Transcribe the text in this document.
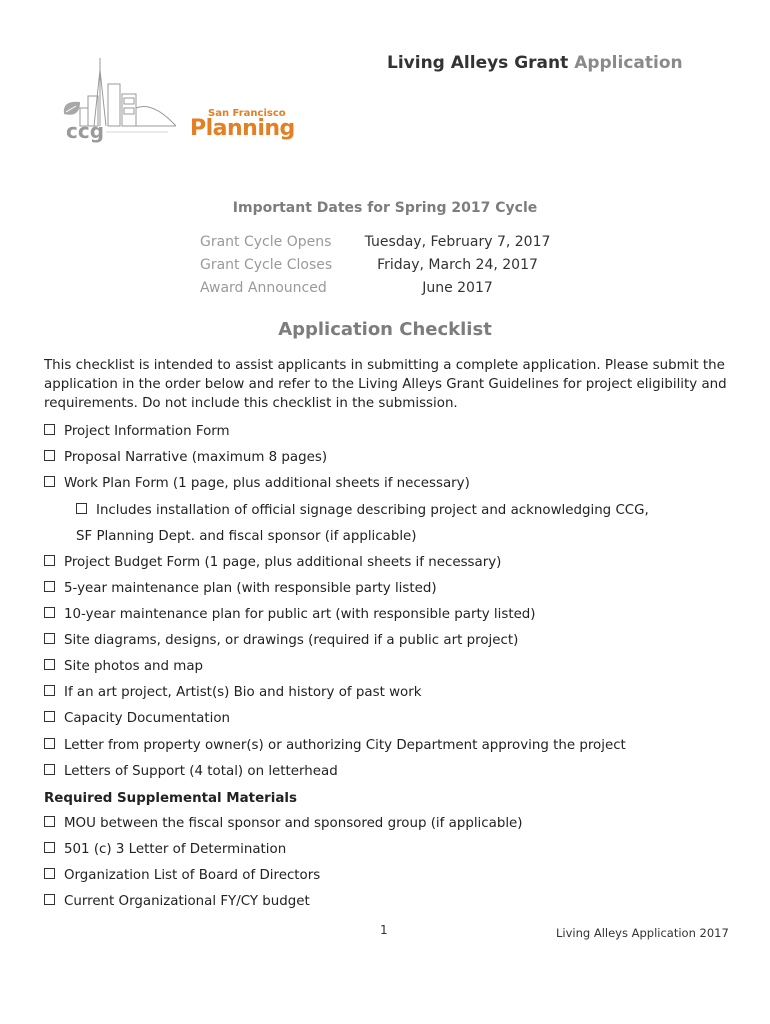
Living Alleys Grant Application
ccg
San Francisco
Planning
Important Dates for Spring 2017 Cycle
Grant Cycle Opens	Tuesday, February 7, 2017
Grant Cycle Closes	Friday, March 24, 2017
Award Announced	June 2017
Application Checklist
This checklist is intended to assist applicants in submitting a complete application. Please submit the application in the order below and refer to the Living Alleys Grant Guidelines for project eligibility and requirements. Do not include this checklist in the submission.
Project Information Form
Proposal Narrative (maximum 8 pages)
Work Plan Form (1 page, plus additional sheets if necessary)
Includes installation of official signage describing project and acknowledging CCG,
SF Planning Dept. and fiscal sponsor (if applicable)
Project Budget Form (1 page, plus additional sheets if necessary)
5-year maintenance plan (with responsible party listed)
10-year maintenance plan for public art (with responsible party listed)
Site diagrams, designs, or drawings (required if a public art project)
Site photos and map
If an art project, Artist(s) Bio and history of past work
Capacity Documentation
Letter from property owner(s) or authorizing City Department approving the project
Letters of Support (4 total) on letterhead
Required Supplemental Materials
MOU between the fiscal sponsor and sponsored group (if applicable)
501 (c) 3 Letter of Determination
Organization List of Board of Directors
Current Organizational FY/CY budget
1	Living Alleys Application 2017
